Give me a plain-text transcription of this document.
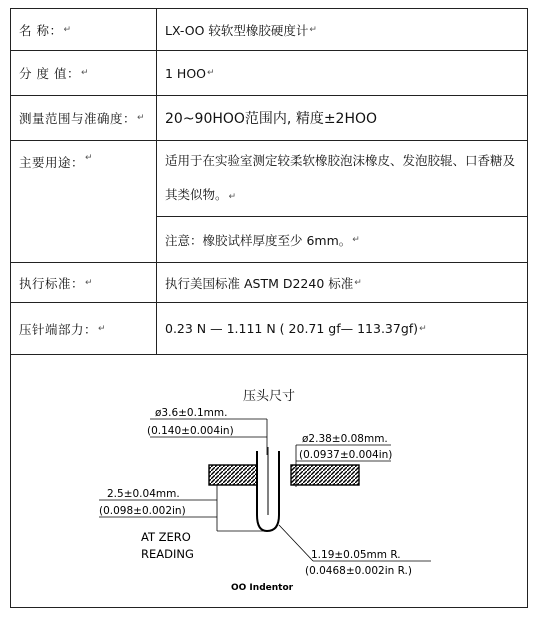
名 称： ↵	LX-OO 较软型橡胶硬度计 ↵
分 度 值： ↵	1 HOO ↵
测量范围与准确度： ↵ 20~90HOO范围内, 精度±2HOO
主要用途： ↵	适用于在实验室测定较柔软橡胶泡沫橡皮、发泡胶辊、口香糖及其类似物。↵
注意：橡胶试样厚度至少 6mm。 ↵
执行标准： ↵	执行美国标准 ASTM D2240 标准 ↵
压针端部力： ↵	0.23 N — 1.111 N ( 20.71 gf— 113.37gf) ↵
压头尺寸
ø3.6±0.1mm.
(0.140±0.004in)
ø2.38±0.08mm.
(0.0937±0.004in)
2.5±0.04mm.
(0.098±0.002in)
AT ZERO
READING	1.19±0.05mm R.
(0.0468±0.002in R.)
OO Indentor
